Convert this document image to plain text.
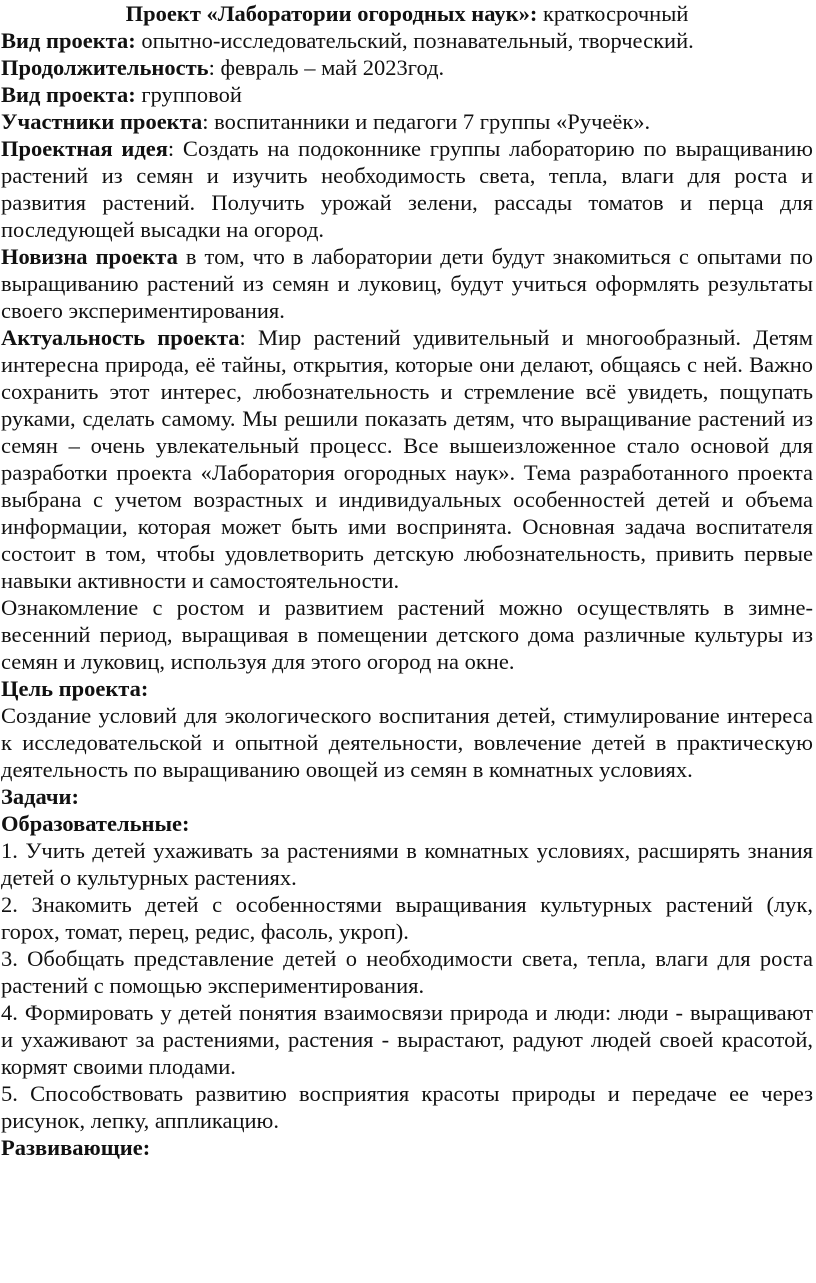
Проект «Лаборатории огородных наук»: краткосрочный

Вид проекта: опытно-исследовательский, познавательный, творческий.

Продолжительность: февраль – май 2023год.

Вид проекта: групповой

Участники проекта: воспитанники и педагоги 7 группы «Ручеёк».

Проектная идея: Создать на подоконнике группы лабораторию по выращиванию растений из семян и изучить необходимость света, тепла, влаги для роста и развития растений. Получить урожай зелени, рассады томатов и перца для последующей высадки на огород.

Новизна проекта в том, что в лаборатории дети будут знакомиться с опытами по выращиванию растений из семян и луковиц, будут учиться оформлять результаты своего экспериментирования.

Актуальность проекта: Мир растений удивительный и многообразный. Детям интересна природа, её тайны, открытия, которые они делают, общаясь с ней. Важно сохранить этот интерес, любознательность и стремление всё увидеть, пощупать руками, сделать самому. Мы решили показать детям, что выращивание растений из семян – очень увлекательный процесс. Все вышеизложенное стало основой для разработки проекта «Лаборатория огородных наук». Тема разработанного проекта выбрана с учетом возрастных и индивидуальных особенностей детей и объема информации, которая может быть ими воспринята. Основная задача воспитателя состоит в том, чтобы удовлетворить детскую любознательность, привить первые навыки активности и самостоятельности.

Ознакомление с ростом и развитием растений можно осуществлять в зимне-весенний период, выращивая в помещении детского дома различные культуры из семян и луковиц, используя для этого огород на окне.

Цель проекта:

Создание условий для экологического воспитания детей, стимулирование интереса к исследовательской и опытной деятельности, вовлечение детей в практическую деятельность по выращиванию овощей из семян в комнатных условиях.

Задачи:

Образовательные:

1. Учить детей ухаживать за растениями в комнатных условиях, расширять знания детей о культурных растениях.

2. Знакомить детей с особенностями выращивания культурных растений (лук, горох, томат, перец, редис, фасоль, укроп).

3. Обобщать представление детей о необходимости света, тепла, влаги для роста растений с помощью экспериментирования.

4. Формировать у детей понятия взаимосвязи природа и люди: люди - выращивают и ухаживают за растениями, растения - вырастают, радуют людей своей красотой, кормят своими плодами.

5. Способствовать развитию восприятия красоты природы и передаче ее через рисунок, лепку, аппликацию.

Развивающие:
